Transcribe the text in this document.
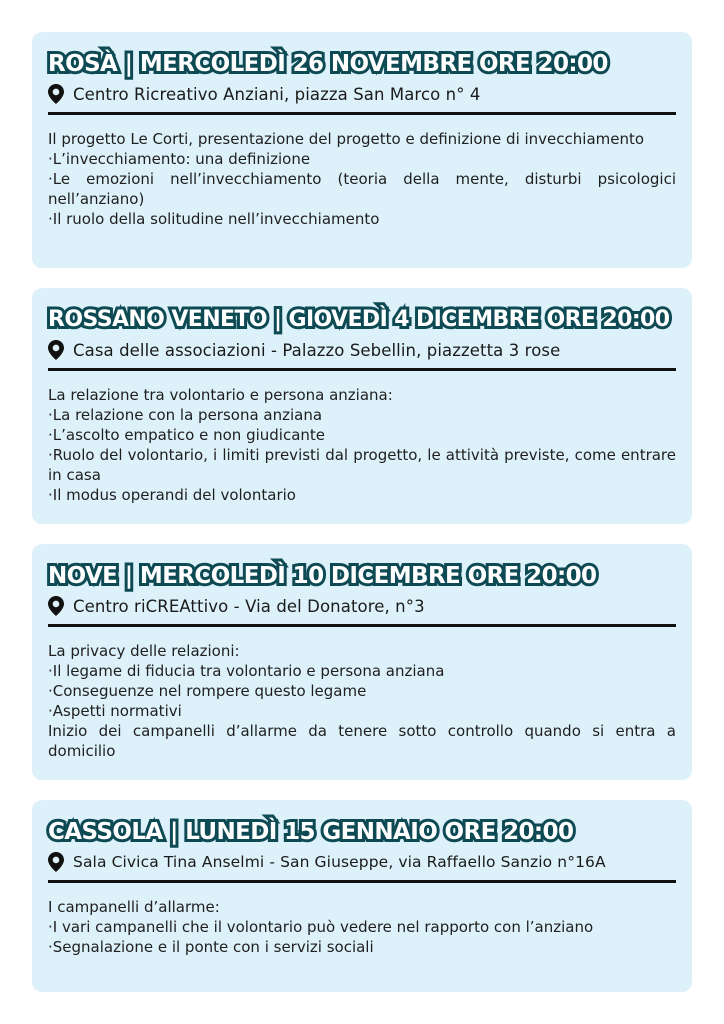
ROSÀ | MERCOLEDÌ 26 NOVEMBRE ORE 20:00
Centro Ricreativo Anziani, piazza San Marco n° 4
Il progetto Le Corti, presentazione del progetto e definizione di invecchiamento
·L’invecchiamento: una definizione
·Le emozioni nell’invecchiamento (teoria della mente, disturbi psicologici nell’anziano)
·Il ruolo della solitudine nell’invecchiamento
ROSSANO VENETO | GIOVEDÌ 4 DICEMBRE ORE 20:00
Casa delle associazioni - Palazzo Sebellin, piazzetta 3 rose
La relazione tra volontario e persona anziana:
·La relazione con la persona anziana
·L’ascolto empatico e non giudicante
·Ruolo del volontario, i limiti previsti dal progetto, le attività previste, come entrare in casa
·Il modus operandi del volontario
NOVE | MERCOLEDÌ 10 DICEMBRE ORE 20:00
Centro riCREAttivo - Via del Donatore, n°3
La privacy delle relazioni:
·Il legame di fiducia tra volontario e persona anziana
·Conseguenze nel rompere questo legame
·Aspetti normativi
Inizio dei campanelli d’allarme da tenere sotto controllo quando si entra a domicilio
CASSOLA | LUNEDÌ 15 GENNAIO ORE 20:00
Sala Civica Tina Anselmi - San Giuseppe, via Raffaello Sanzio n°16A
I campanelli d’allarme:
·I vari campanelli che il volontario può vedere nel rapporto con l’anziano
·Segnalazione e il ponte con i servizi sociali
